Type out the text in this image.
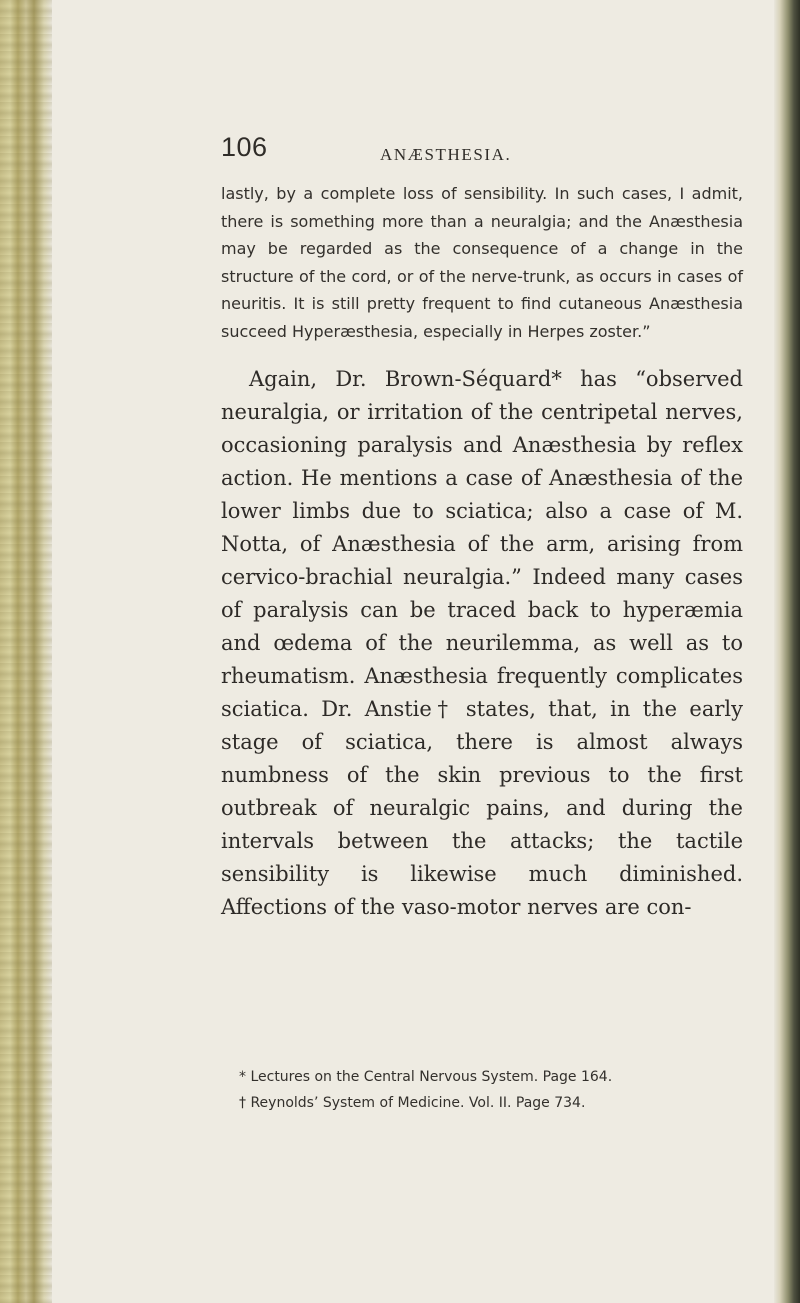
106	ANÆSTHESIA.

lastly, by a complete loss of sensibility. In such cases, I admit, there is something more than a neuralgia; and the Anæsthesia may be regarded as the consequence of a change in the structure of the cord, or of the nerve-trunk, as occurs in cases of neuritis. It is still pretty frequent to find cutaneous Anæsthesia succeed Hyperæsthesia, especially in Herpes zoster.”

Again, Dr. Brown-Séquard* has “observed neuralgia, or irritation of the centripetal nerves, occasioning paralysis and Anæsthesia by reflex action. He mentions a case of Anæsthesia of the lower limbs due to sciatica; also a case of M. Notta, of Anæsthesia of the arm, arising from cervico-brachial neuralgia.” Indeed many cases of paralysis can be traced back to hyperæmia and œdema of the neurilemma, as well as to rheumatism. Anæsthesia frequently complicates sciatica. Dr. Anstie† states, that, in the early stage of sciatica, there is almost always numbness of the skin previous to the first outbreak of neuralgic pains, and during the intervals between the attacks; the tactile sensibility is likewise much diminished. Affections of the vaso-motor nerves are con-

* Lectures on the Central Nervous System. Page 164.

† Reynolds’ System of Medicine. Vol. II. Page 734.
